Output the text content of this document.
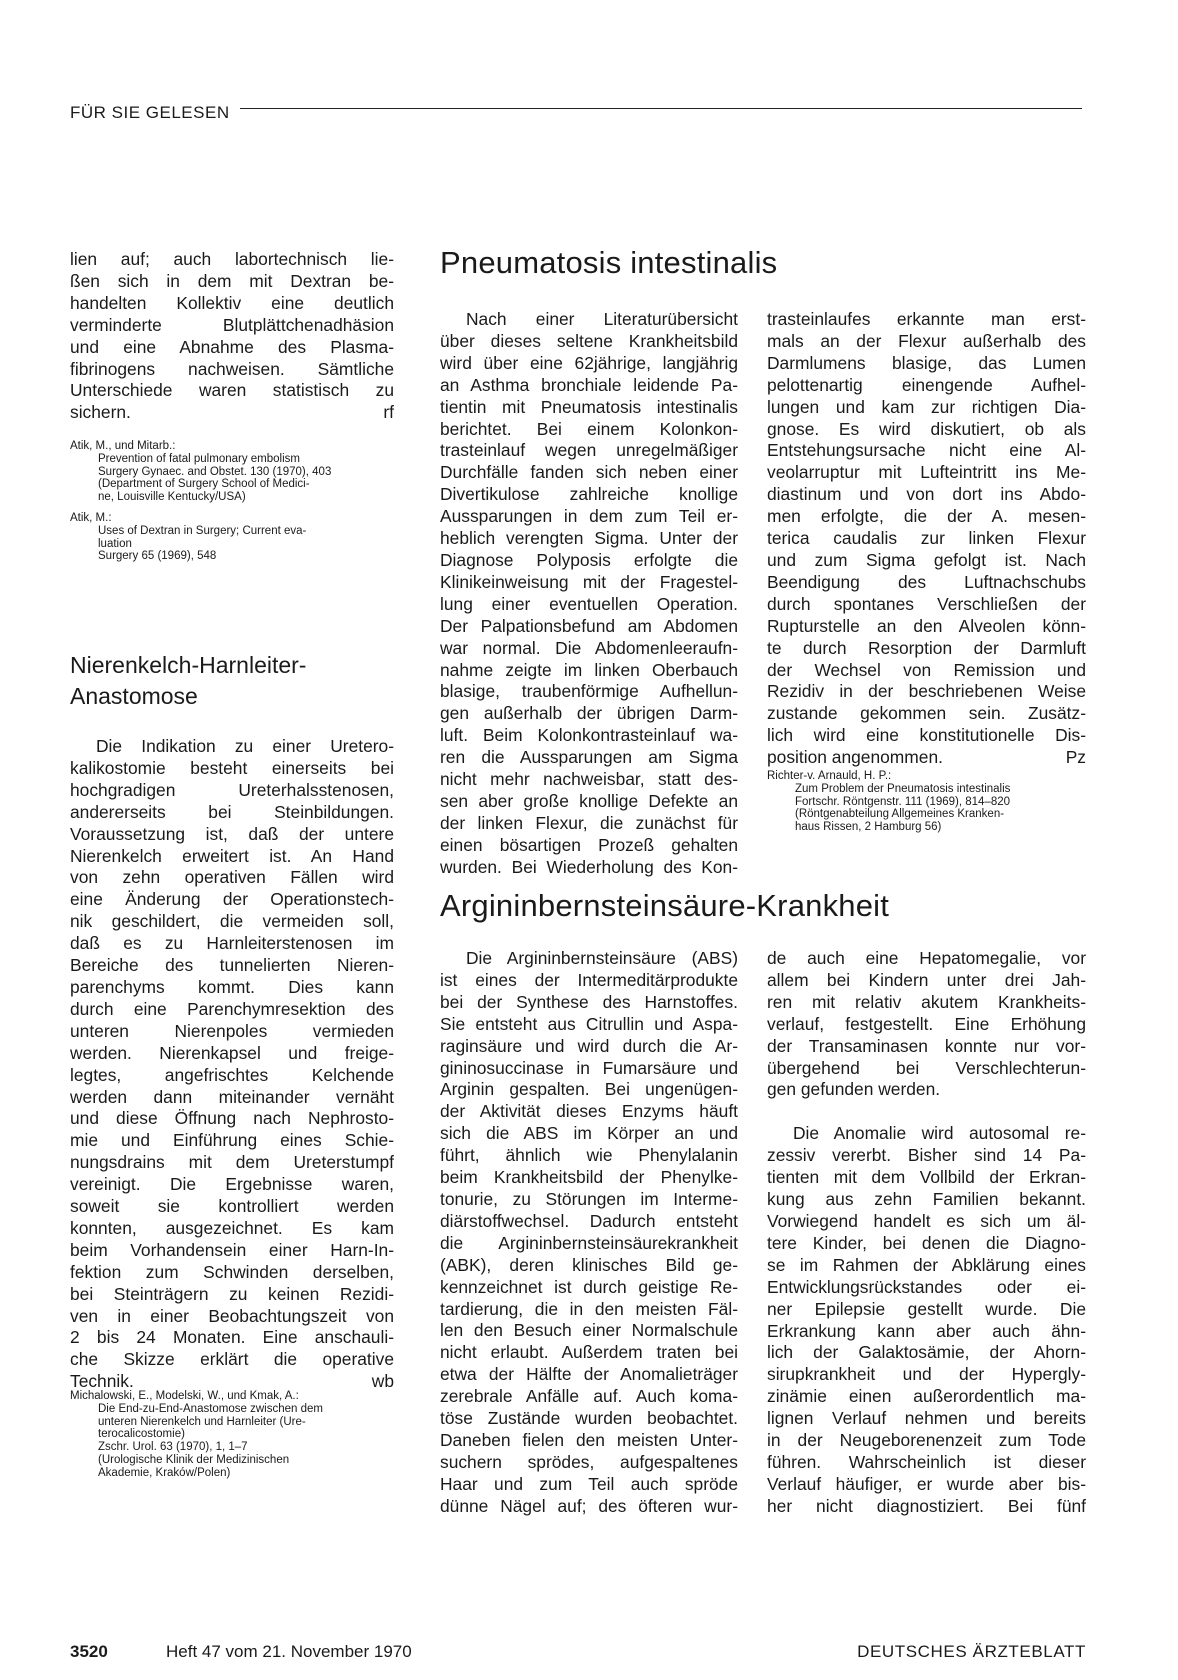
FÜR SIE GELESEN
lien auf; auch labortechnisch lie-
ßen sich in dem mit Dextran be-
handelten Kollektiv eine deutlich
verminderte Blutplättchenadhäsion
und eine Abnahme des Plasma-
fibrinogens nachweisen. Sämtliche
Unterschiede waren statistisch zu
sichern.	rf
Atik, M., und Mitarb.:
Prevention of fatal pulmonary embolism
Surgery Gynaec. and Obstet. 130 (1970), 403
(Department of Surgery School of Medici-
ne, Louisville Kentucky/USA)
Atik, M.:
Uses of Dextran in Surgery; Current eva-
luation
Surgery 65 (1969), 548
Nierenkelch-Harnleiter-
Anastomose
Die Indikation zu einer Uretero-
kalikostomie besteht einerseits bei
hochgradigen Ureterhalsstenosen,
andererseits bei Steinbildungen.
Voraussetzung ist, daß der untere
Nierenkelch erweitert ist. An Hand
von zehn operativen Fällen wird
eine Änderung der Operationstech-
nik geschildert, die vermeiden soll,
daß es zu Harnleiterstenosen im
Bereiche des tunnelierten Nieren-
parenchyms kommt. Dies kann
durch eine Parenchymresektion des
unteren Nierenpoles vermieden
werden. Nierenkapsel und freige-
legtes, angefrischtes Kelchende
werden dann miteinander vernäht
und diese Öffnung nach Nephrosto-
mie und Einführung eines Schie-
nungsdrains mit dem Ureterstumpf
vereinigt. Die Ergebnisse waren,
soweit sie kontrolliert werden
konnten, ausgezeichnet. Es kam
beim Vorhandensein einer Harn-In-
fektion zum Schwinden derselben,
bei Steinträgern zu keinen Rezidi-
ven in einer Beobachtungszeit von
2 bis 24 Monaten. Eine anschauli-
che Skizze erklärt die operative
Technik.	wb
Michalowski, E., Modelski, W., und Kmak, A.:
Die End-zu-End-Anastomose zwischen dem
unteren Nierenkelch und Harnleiter (Ure-
terocalicostomie)
Zschr. Urol. 63 (1970), 1, 1–7
(Urologische Klinik der Medizinischen
Akademie, Kraków/Polen)
Pneumatosis intestinalis
Nach einer Literaturübersicht
über dieses seltene Krankheitsbild
wird über eine 62jährige, langjährig
an Asthma bronchiale leidende Pa-
tientin mit Pneumatosis intestinalis
berichtet. Bei einem Kolonkon-
trasteinlauf wegen unregelmäßiger
Durchfälle fanden sich neben einer
Divertikulose zahlreiche knollige
Aussparungen in dem zum Teil er-
heblich verengten Sigma. Unter der
Diagnose Polyposis erfolgte die
Klinikeinweisung mit der Fragestel-
lung einer eventuellen Operation.
Der Palpationsbefund am Abdomen
war normal. Die Abdomenleeraufn-
nahme zeigte im linken Oberbauch
blasige, traubenförmige Aufhellun-
gen außerhalb der übrigen Darm-
luft. Beim Kolonkontrasteinlauf wa-
ren die Aussparungen am Sigma
nicht mehr nachweisbar, statt des-
sen aber große knollige Defekte an
der linken Flexur, die zunächst für
einen bösartigen Prozeß gehalten
wurden. Bei Wiederholung des Kon-
trasteinlaufes erkannte man erst-
mals an der Flexur außerhalb des
Darmlumens blasige, das Lumen
pelottenartig einengende Aufhel-
lungen und kam zur richtigen Dia-
gnose. Es wird diskutiert, ob als
Entstehungsursache nicht eine Al-
veolarruptur mit Lufteintritt ins Me-
diastinum und von dort ins Abdo-
men erfolgte, die der A. mesen-
terica caudalis zur linken Flexur
und zum Sigma gefolgt ist. Nach
Beendigung des Luftnachschubs
durch spontanes Verschließen der
Rupturstelle an den Alveolen könn-
te durch Resorption der Darmluft
der Wechsel von Remission und
Rezidiv in der beschriebenen Weise
zustande gekommen sein. Zusätz-
lich wird eine konstitutionelle Dis-
position angenommen.	Pz
Richter-v. Arnauld, H. P.:
Zum Problem der Pneumatosis intestinalis
Fortschr. Röntgenstr. 111 (1969), 814–820
(Röntgenabteilung Allgemeines Kranken-
haus Rissen, 2 Hamburg 56)
Argininbernsteinsäure-Krankheit
Die Argininbernsteinsäure (ABS)
ist eines der Intermeditärprodukte
bei der Synthese des Harnstoffes.
Sie entsteht aus Citrullin und Aspa-
raginsäure und wird durch die Ar-
gininosuccinase in Fumarsäure und
Arginin gespalten. Bei ungenügen-
der Aktivität dieses Enzyms häuft
sich die ABS im Körper an und
führt, ähnlich wie Phenylalanin
beim Krankheitsbild der Phenylke-
tonurie, zu Störungen im Interme-
diärstoffwechsel. Dadurch entsteht
die Argininbernsteinsäurekrankheit
(ABK), deren klinisches Bild ge-
kennzeichnet ist durch geistige Re-
tardierung, die in den meisten Fäl-
len den Besuch einer Normalschule
nicht erlaubt. Außerdem traten bei
etwa der Hälfte der Anomalieträger
zerebrale Anfälle auf. Auch koma-
töse Zustände wurden beobachtet.
Daneben fielen den meisten Unter-
suchern sprödes, aufgespaltenes
Haar und zum Teil auch spröde
dünne Nägel auf; des öfteren wur-
de auch eine Hepatomegalie, vor
allem bei Kindern unter drei Jah-
ren mit relativ akutem Krankheits-
verlauf, festgestellt. Eine Erhöhung
der Transaminasen konnte nur vor-
übergehend bei Verschlechterun-
gen gefunden werden.
Die Anomalie wird autosomal re-
zessiv vererbt. Bisher sind 14 Pa-
tienten mit dem Vollbild der Erkran-
kung aus zehn Familien bekannt.
Vorwiegend handelt es sich um äl-
tere Kinder, bei denen die Diagno-
se im Rahmen der Abklärung eines
Entwicklungsrückstandes oder ei-
ner Epilepsie gestellt wurde. Die
Erkrankung kann aber auch ähn-
lich der Galaktosämie, der Ahorn-
sirupkrankheit und der Hypergly-
zinämie einen außerordentlich ma-
lignen Verlauf nehmen und bereits
in der Neugeborenenzeit zum Tode
führen. Wahrscheinlich ist dieser
Verlauf häufiger, er wurde aber bis-
her nicht diagnostiziert. Bei fünf
3520	Heft 47 vom 21. November 1970	DEUTSCHES ÄRZTEBLATT
